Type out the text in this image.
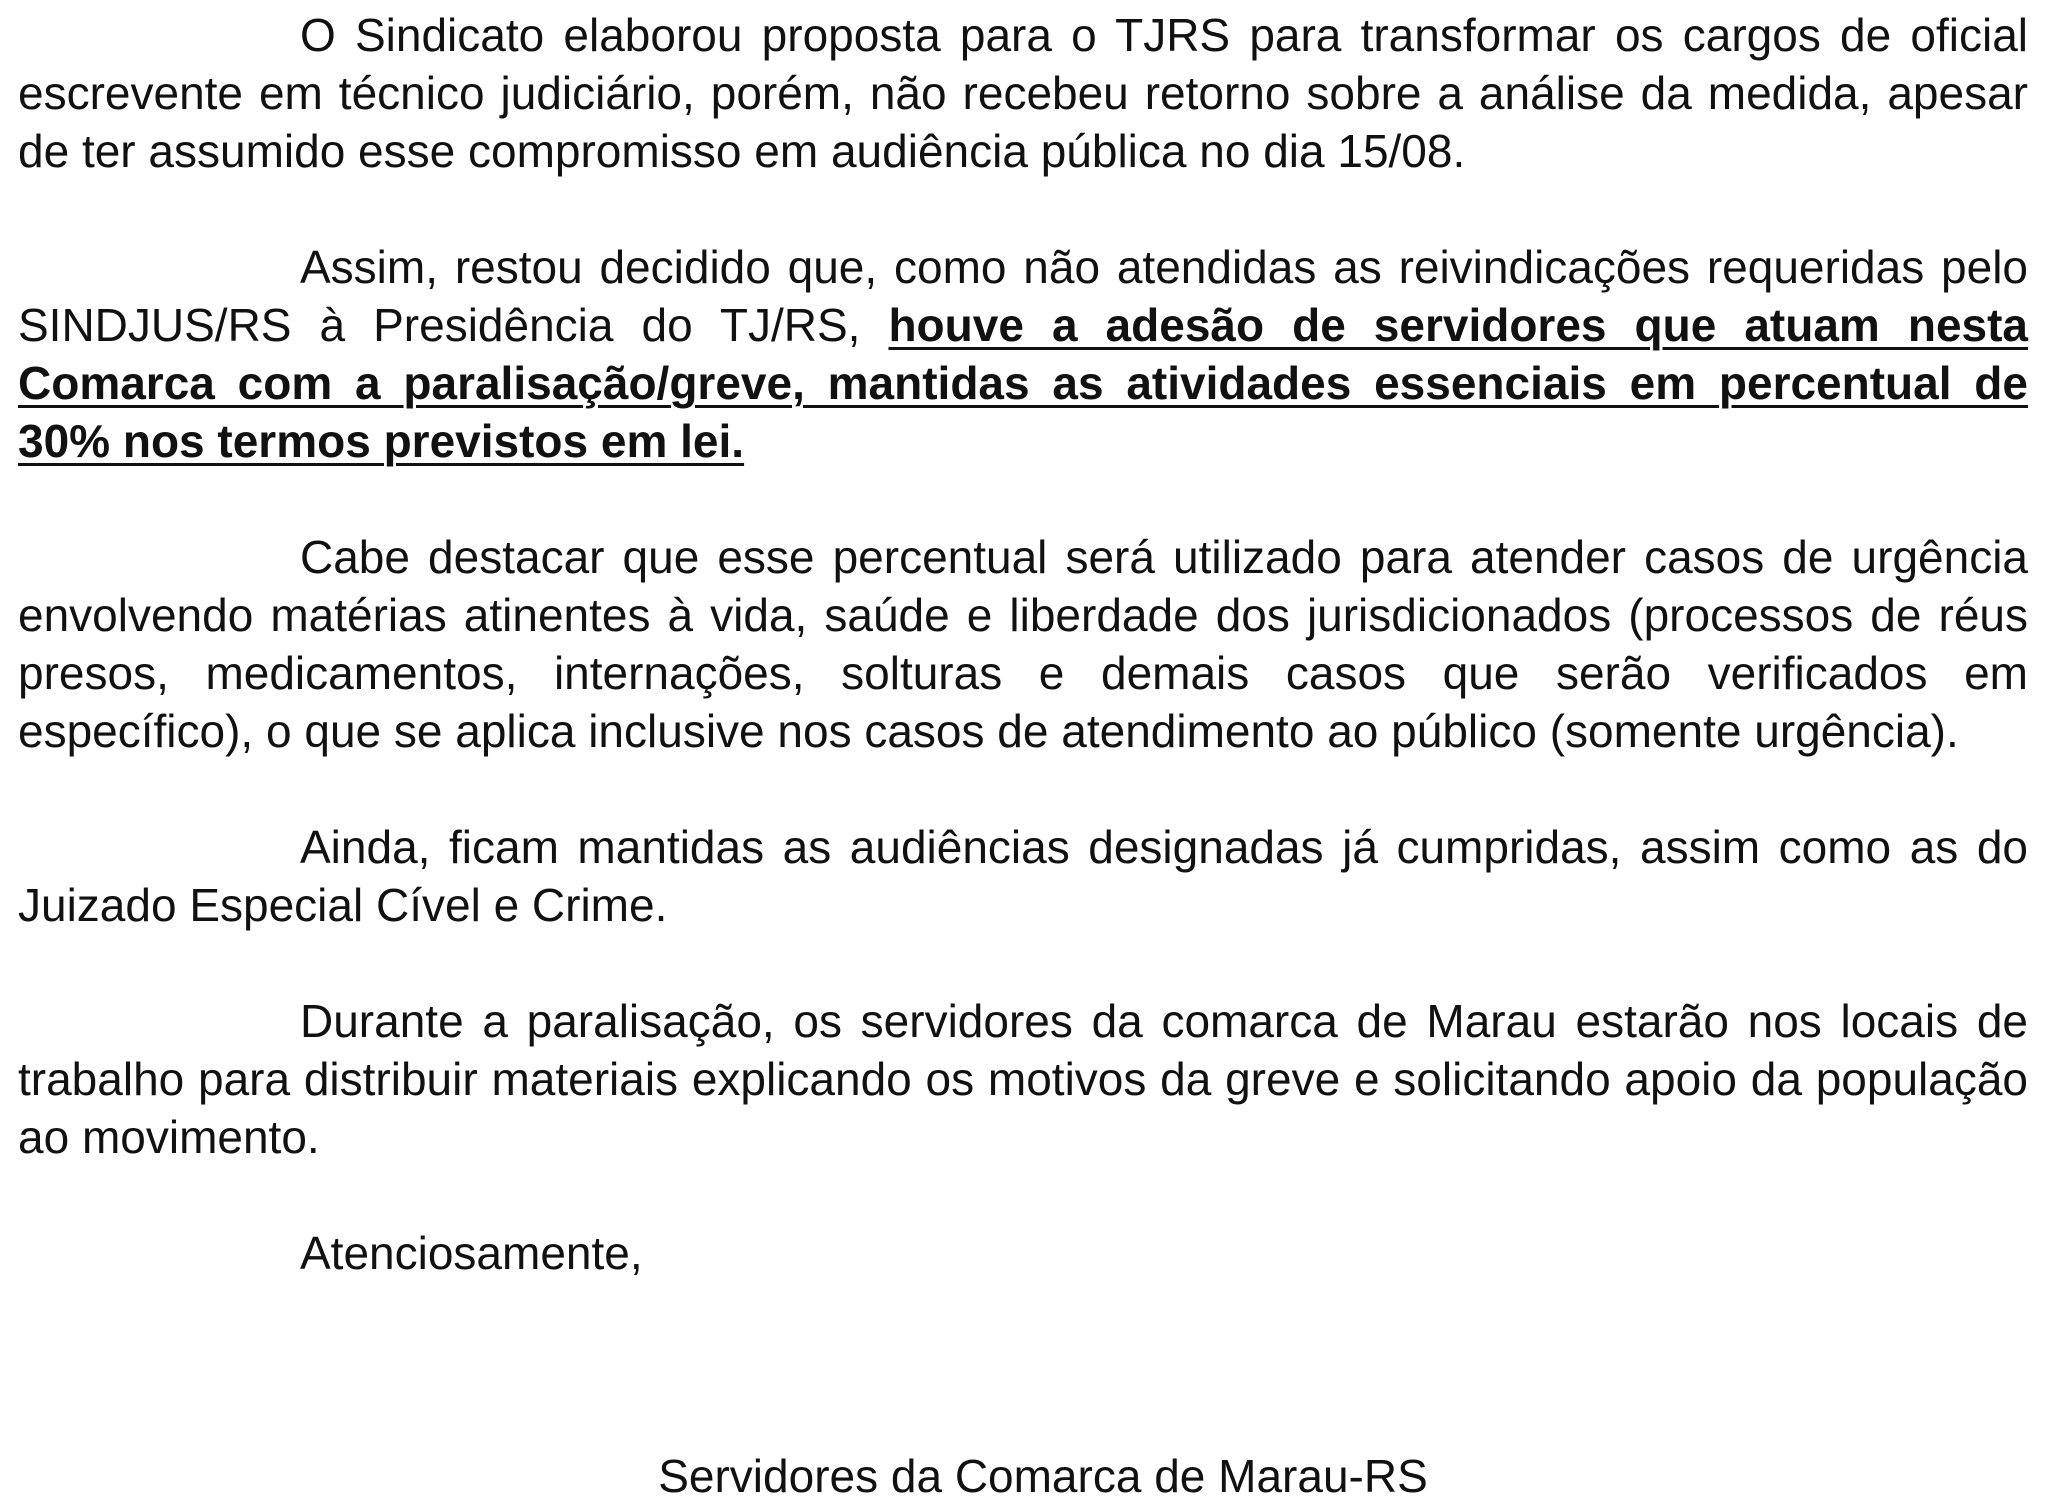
O Sindicato elaborou proposta para o TJRS para transformar os cargos de oficial escrevente em técnico judiciário, porém, não recebeu retorno sobre a análise da medida, apesar de ter assumido esse compromisso em audiência pública no dia 15/08.

Assim, restou decidido que, como não atendidas as reivindicações requeridas pelo SINDJUS/RS à Presidência do TJ/RS, houve a adesão de servidores que atuam nesta Comarca com a paralisação/greve, mantidas as atividades essenciais em percentual de 30% nos termos previstos em lei.

Cabe destacar que esse percentual será utilizado para atender casos de urgência envolvendo matérias atinentes à vida, saúde e liberdade dos jurisdicionados (processos de réus presos, medicamentos, internações, solturas e demais casos que serão verificados em específico), o que se aplica inclusive nos casos de atendimento ao público (somente urgência).

Ainda, ficam mantidas as audiências designadas já cumpridas, assim como as do Juizado Especial Cível e Crime.

Durante a paralisação, os servidores da comarca de Marau estarão nos locais de trabalho para distribuir materiais explicando os motivos da greve e solicitando apoio da população ao movimento.

Atenciosamente,

Servidores da Comarca de Marau-RS
